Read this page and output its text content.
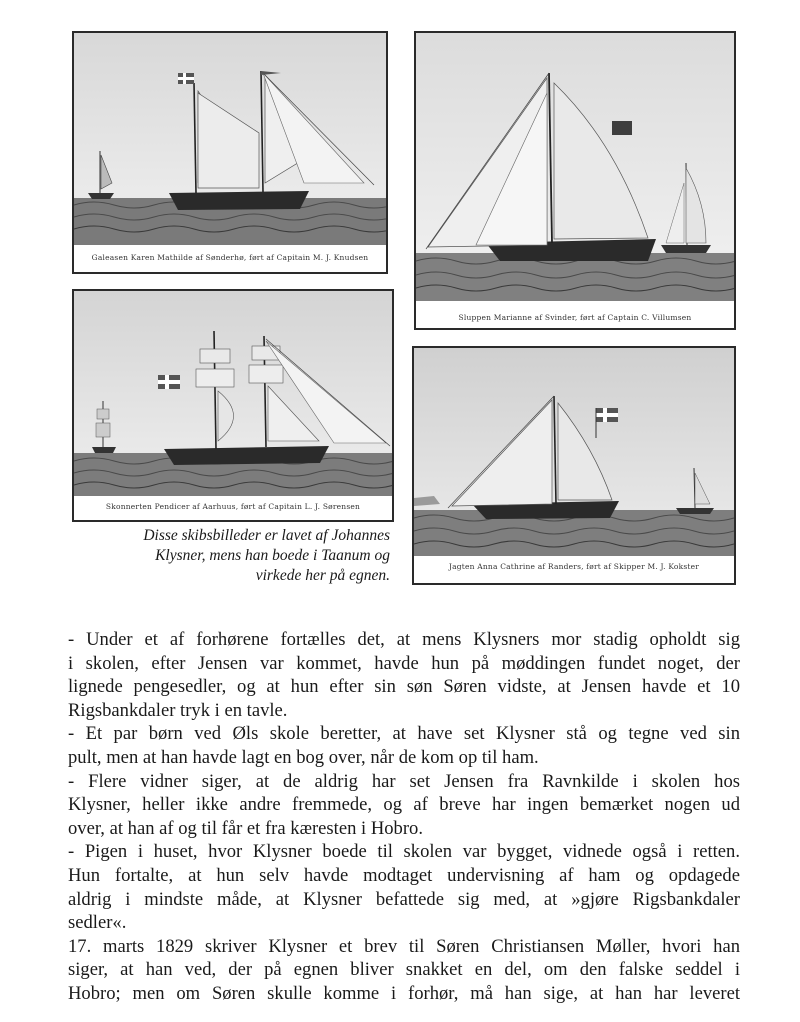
Galeasen Karen Mathilde af Sønderhø, ført af Capitain M. J. Knudsen
Sluppen Marianne af Svinder, ført af Captain C. Villumsen
Skonnerten Pendicer af Aarhuus, ført af Capitain L. J. Sørensen
Jagten Anna Cathrine af Randers, ført af Skipper M. J. Kokster
Disse skibsbilleder er lavet af Johannes
Klysner, mens han boede i Taanum og
virkede her på egnen.
- Under et af forhørene fortælles det, at mens Klysners mor stadig opholdt sig
i skolen, efter Jensen var kommet, havde hun på møddingen fundet noget, der
lignede pengesedler, og at hun efter sin søn Søren vidste, at Jensen havde et 10
Rigsbankdaler tryk i en tavle.
- Et par børn ved Øls skole beretter, at have set Klysner stå og tegne ved sin
pult, men at han havde lagt en bog over, når de kom op til ham.
- Flere vidner siger, at de aldrig har set Jensen fra Ravnkilde i skolen hos
Klysner, heller ikke andre fremmede, og af breve har ingen bemærket nogen ud
over, at han af og til får et fra kæresten i Hobro.
- Pigen i huset, hvor Klysner boede til skolen var bygget, vidnede også i retten.
Hun fortalte, at hun selv havde modtaget undervisning af ham og opdagede
aldrig i mindste måde, at Klysner befattede sig med, at »gjøre Rigsbankdaler
sedler«.
17. marts 1829 skriver Klysner et brev til Søren Christiansen Møller, hvori han
siger, at han ved, der på egnen bliver snakket en del, om den falske seddel i
Hobro; men om Søren skulle komme i forhør, må han sige, at han har leveret
